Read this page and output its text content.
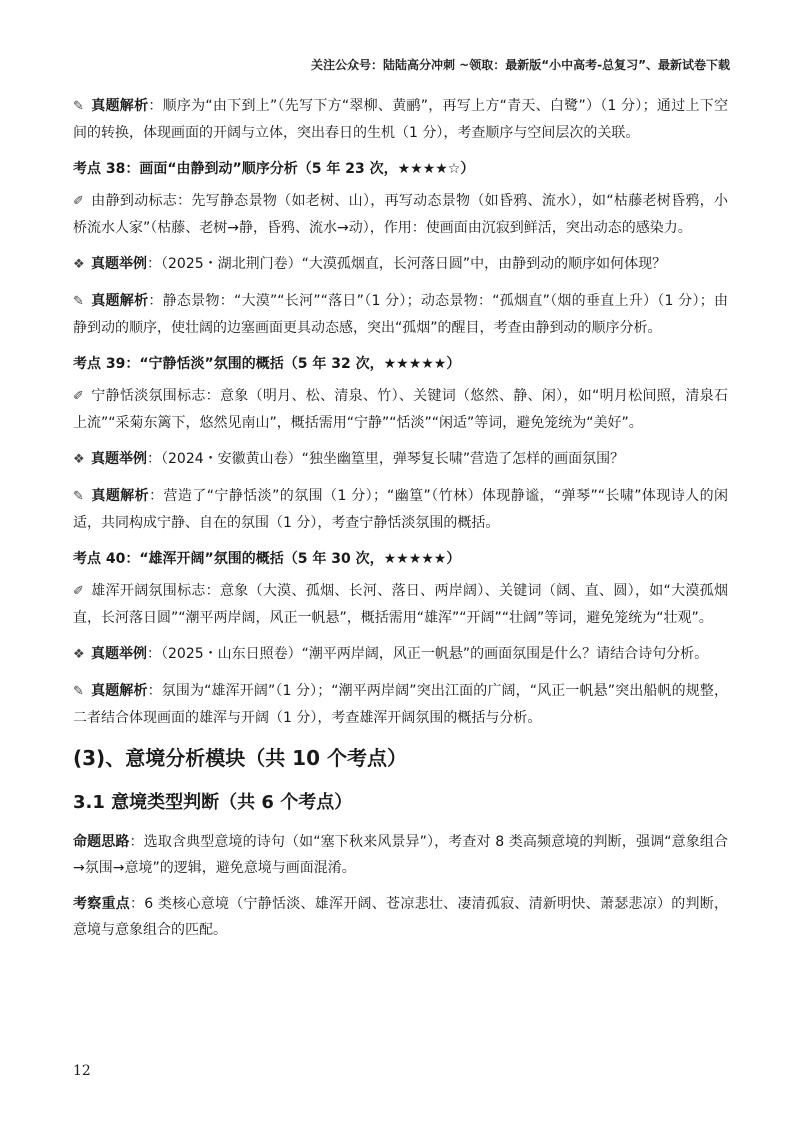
关注公众号：陆陆高分冲刺 ~领取：最新版“小中高考-总复习”、最新试卷下载

✎ 真题解析：顺序为“由下到上”（先写下方“翠柳、黄鹂”，再写上方“青天、白鹭”）（1 分）；通过上下空间的转换，体现画面的开阔与立体，突出春日的生机（1 分），考查顺序与空间层次的关联。

考点 38：画面“由静到动”顺序分析（5 年 23 次，★★★★☆）

✐ 由静到动标志：先写静态景物（如老树、山），再写动态景物（如昏鸦、流水），如“枯藤老树昏鸦，小桥流水人家”（枯藤、老树→静，昏鸦、流水→动），作用：使画面由沉寂到鲜活，突出动态的感染力。

❖ 真题举例：（2025・湖北荆门卷）“大漠孤烟直，长河落日圆”中，由静到动的顺序如何体现？

✎ 真题解析：静态景物：“大漠”“长河”“落日”（1 分）；动态景物：“孤烟直”（烟的垂直上升）（1 分）；由静到动的顺序，使壮阔的边塞画面更具动态感，突出“孤烟”的醒目，考查由静到动的顺序分析。

考点 39：“宁静恬淡”氛围的概括（5 年 32 次，★★★★★）

✐ 宁静恬淡氛围标志：意象（明月、松、清泉、竹）、关键词（悠然、静、闲），如“明月松间照，清泉石上流”“采菊东篱下，悠然见南山”，概括需用“宁静”“恬淡”“闲适”等词，避免笼统为“美好”。

❖ 真题举例：（2024・安徽黄山卷）“独坐幽篁里，弹琴复长啸”营造了怎样的画面氛围？

✎ 真题解析：营造了“宁静恬淡”的氛围（1 分）；“幽篁”（竹林）体现静谧，“弹琴”“长啸”体现诗人的闲适，共同构成宁静、自在的氛围（1 分），考查宁静恬淡氛围的概括。

考点 40：“雄浑开阔”氛围的概括（5 年 30 次，★★★★★）

✐ 雄浑开阔氛围标志：意象（大漠、孤烟、长河、落日、两岸阔）、关键词（阔、直、圆），如“大漠孤烟直，长河落日圆”“潮平两岸阔，风正一帆悬”，概括需用“雄浑”“开阔”“壮阔”等词，避免笼统为“壮观”。

❖ 真题举例：（2025・山东日照卷）“潮平两岸阔，风正一帆悬”的画面氛围是什么？请结合诗句分析。

✎ 真题解析：氛围为“雄浑开阔”（1 分）；“潮平两岸阔”突出江面的广阔，“风正一帆悬”突出船帆的规整，二者结合体现画面的雄浑与开阔（1 分），考查雄浑开阔氛围的概括与分析。

(3)、意境分析模块（共 10 个考点）
3.1 意境类型判断（共 6 个考点）

命题思路：选取含典型意境的诗句（如“塞下秋来风景异”），考查对 8 类高频意境的判断，强调“意象组合→氛围→意境”的逻辑，避免意境与画面混淆。

考察重点：6 类核心意境（宁静恬淡、雄浑开阔、苍凉悲壮、凄清孤寂、清新明快、萧瑟悲凉）的判断，意境与意象组合的匹配。

12
